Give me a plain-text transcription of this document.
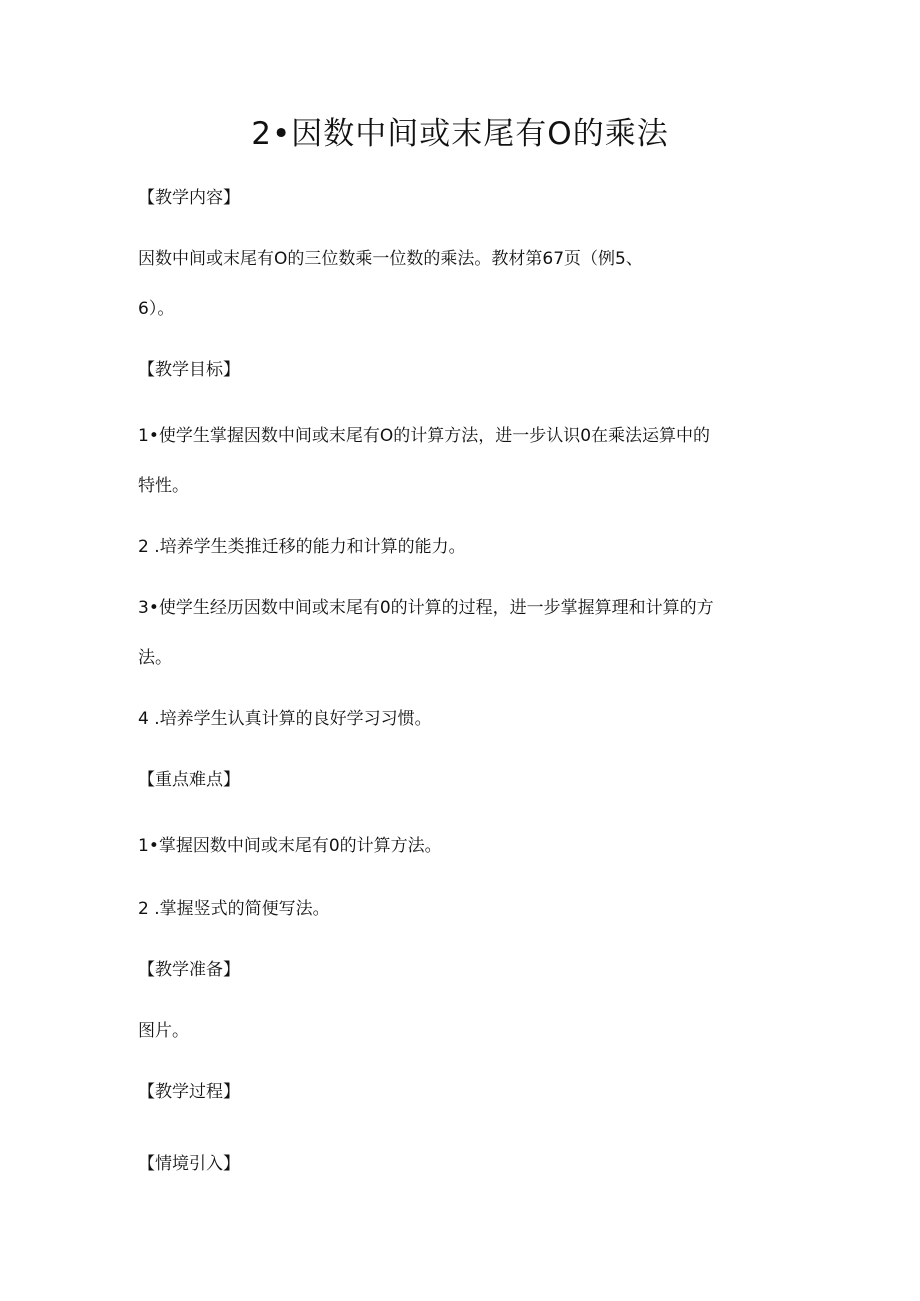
2•因数中间或末尾有O的乘法
【教学内容】
因数中间或末尾有O的三位数乘一位数的乘法。教材第67页（例5、
6）。
【教学目标】
1•使学生掌握因数中间或末尾有O的计算方法，进一步认识0在乘法运算中的
特性。
2 .培养学生类推迁移的能力和计算的能力。
3•使学生经历因数中间或末尾有0的计算的过程，进一步掌握算理和计算的方
法。
4 .培养学生认真计算的良好学习习惯。
【重点难点】
1•掌握因数中间或末尾有0的计算方法。
2 .掌握竖式的简便写法。
【教学准备】
图片。
【教学过程】
【情境引入】
